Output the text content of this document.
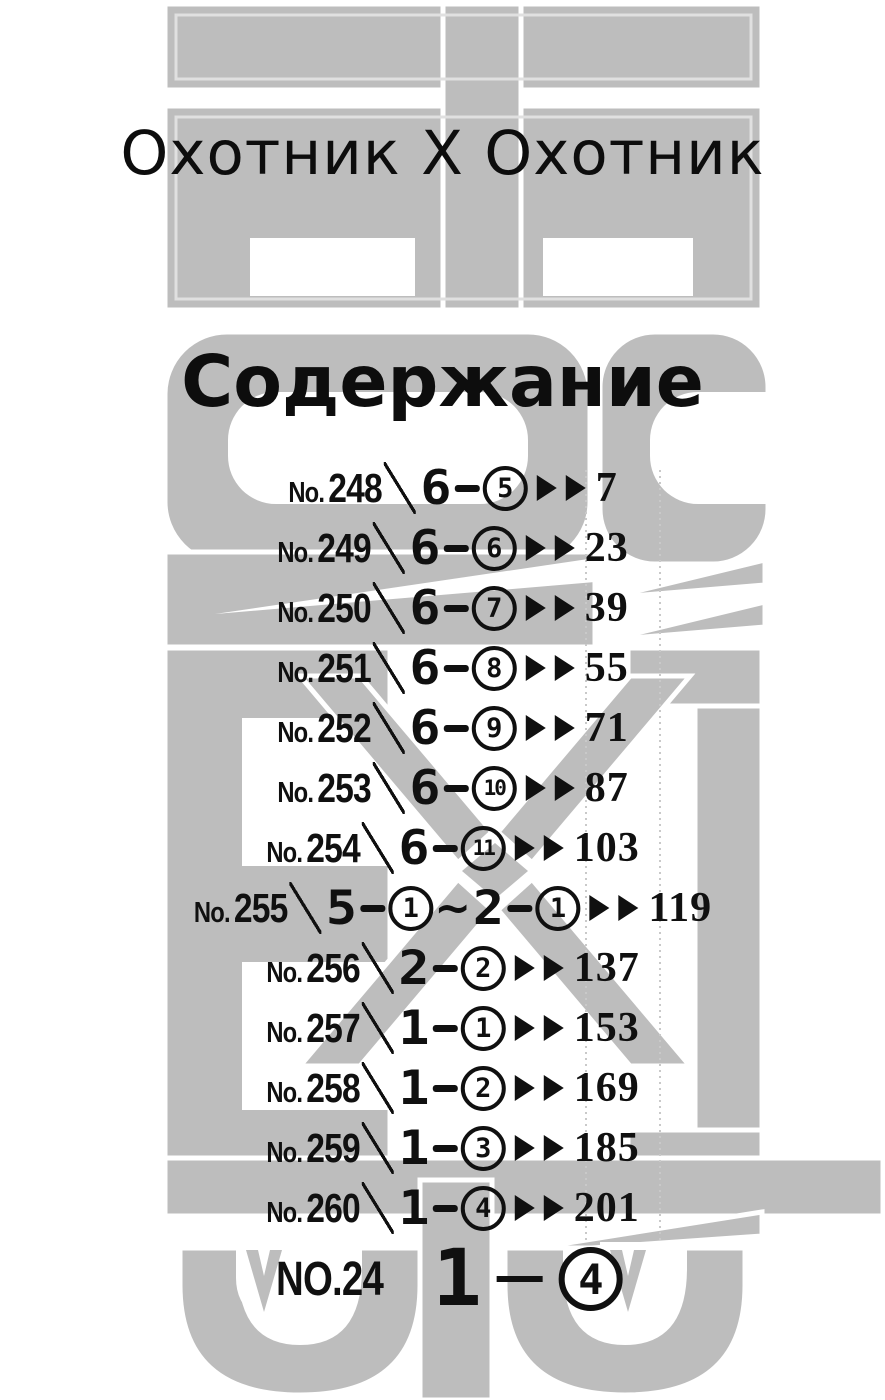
Охотник Х Охотник
Содержание
No. 248 6	5	7
No. 249 6	6	23
No. 250 6	7	39
No. 251 6	8	55
No. 252 6	9	71
No. 253 6	10 87
No. 254 6	11 103
No. 255 5	1 ~ 2	1	119
No. 256 2	2	137
No. 257 1	1	153
No. 258 1	2	169
No. 259 1	3	185
No. 260 1	4	201
NO.24 1	4
